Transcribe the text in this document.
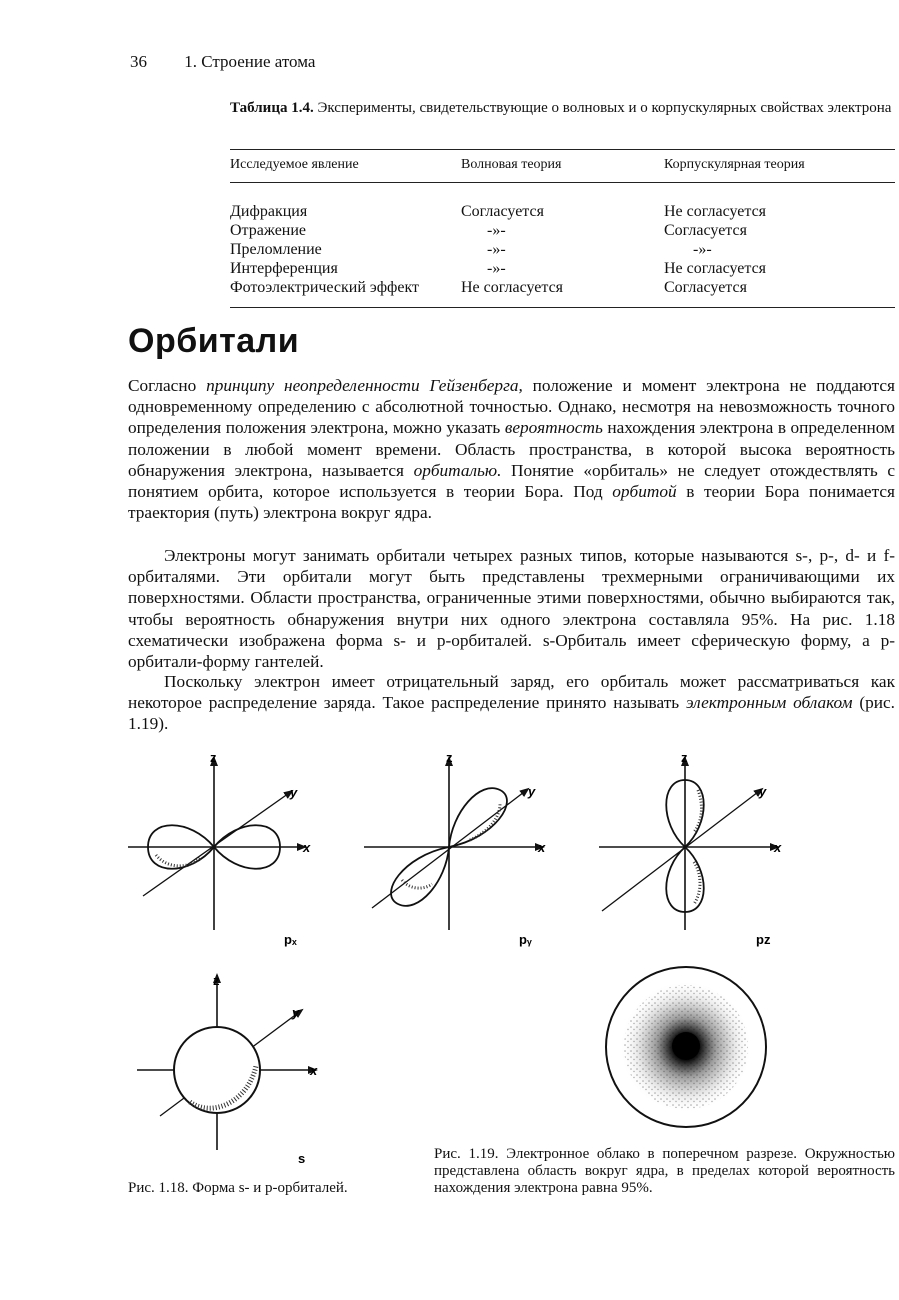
36 1. Строение атома
Таблица 1.4. Эксперименты, свидетельствующие о волновых и о корпускулярных свойствах электрона
Исследуемое явление	Волновая теория	Корпускулярная теория
Дифракция	Согласуется	Не согласуется
Отражение	-»-	Согласуется
Преломление	-»-	-»-
Интерференция	-»-	Не согласуется
Фотоэлектрический эффект	Не согласуется	Согласуется
Орбитали

Согласно принципу неопределенности Гейзенберга, положение и момент электрона не поддаются одновременному определению с абсолютной точностью. Однако, несмотря на невозможность точного определения положения электрона, можно указать вероятность нахождения электрона в определенном положении в любой момент времени. Область пространства, в которой высока вероятность обнаружения электрона, называется орбиталью. Понятие «орбиталь» не следует отождествлять с понятием орбита, которое используется в теории Бора. Под орбитой в теории Бора понимается траектория (путь) электрона вокруг ядра.

Электроны могут занимать орбитали четырех разных типов, которые называются s-, p-, d- и f-орбиталями. Эти орбитали могут быть представлены трехмерными ограничивающими их поверхностями. Области пространства, ограниченные этими поверхностями, обычно выбираются так, чтобы вероятность обнаружения внутри них одного электрона составляла 95%. На рис. 1.18 схематически изображена форма s- и p-орбиталей. s-Орбиталь имеет сферическую форму, а p-орбитали-форму гантелей.

Поскольку электрон имеет отрицательный заряд, его орбиталь может рассматриваться как некоторое распределение заряда. Такое распределение принято называть электронным облаком (рис. 1.19).

z
y
x
z
y
x
z
y
x
pₓ	pᵧ	pz
z
y
x
s
Рис. 1.18. Форма s- и p-орбиталей.
Рис. 1.19. Электронное облако в поперечном разрезе. Окружностью представлена область вокруг ядра, в пределах которой вероятность нахождения электрона равна 95%.
